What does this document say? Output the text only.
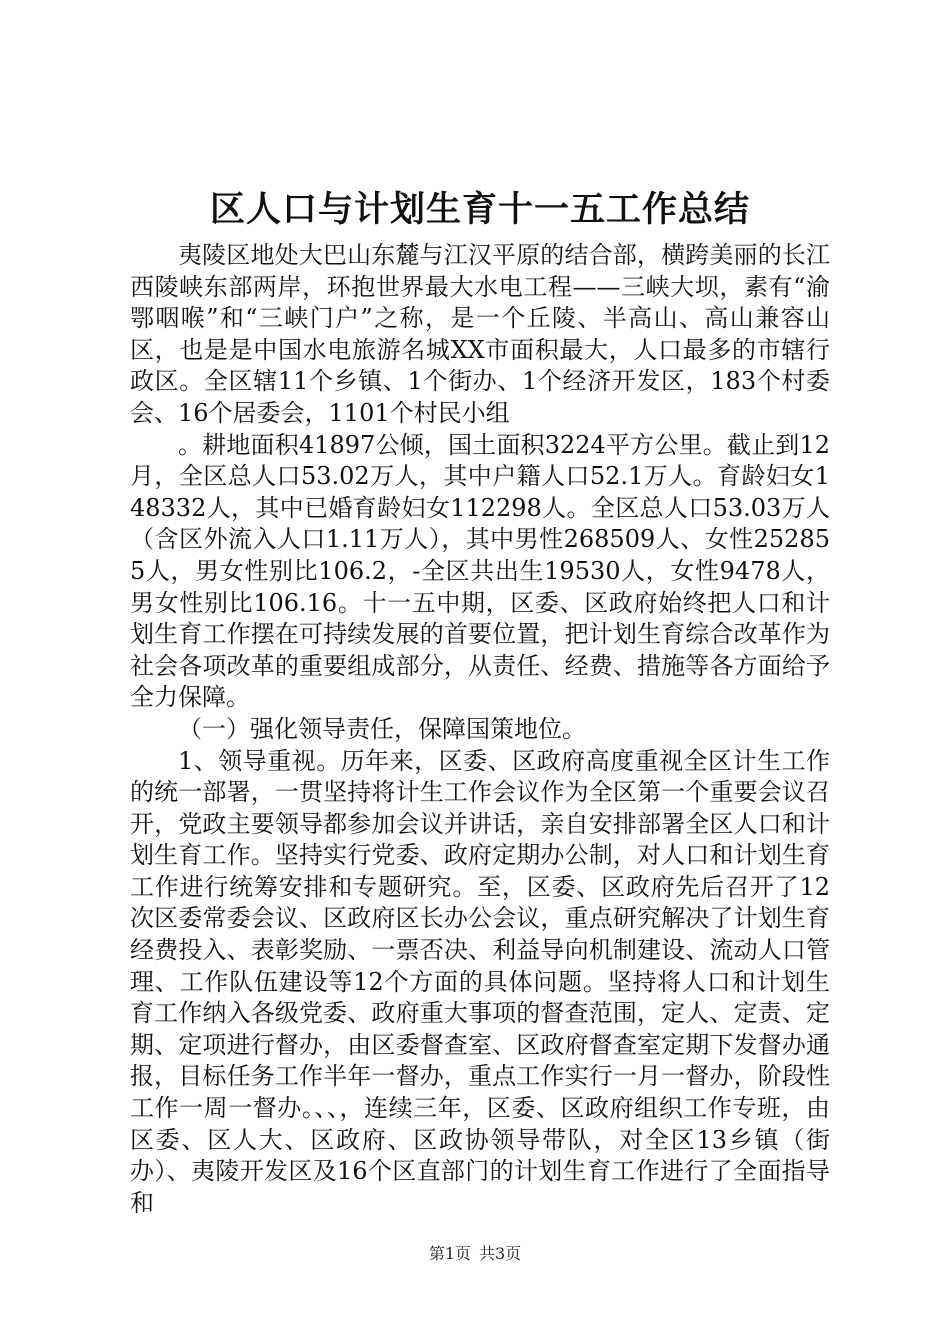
区人口与计划生育十一五工作总结

夷陵区地处大巴山东麓与江汉平原的结合部，横跨美丽的长江西陵峡东部两岸，环抱世界最大水电工程——三峡大坝，素有“渝鄂咽喉”和“三峡门户”之称，是一个丘陵、半高山、高山兼容山区，也是是中国水电旅游名城XX市面积最大，人口最多的市辖行政区。全区辖11个乡镇、1个街办、1个经济开发区，183个村委会、16个居委会，1101个村民小组

。耕地面积41897公倾，国土面积3224平方公里。截止到12月，全区总人口53.02万人，其中户籍人口52.1万人。育龄妇女148332人，其中已婚育龄妇女112298人。全区总人口53.03万人（含区外流入人口1.11万人），其中男性268509人、女性252855人，男女性别比106.2，-全区共出生19530人，女性9478人，男女性别比106.16。十一五中期，区委、区政府始终把人口和计划生育工作摆在可持续发展的首要位置，把计划生育综合改革作为社会各项改革的重要组成部分，从责任、经费、措施等各方面给予全力保障。

（一）强化领导责任，保障国策地位。

1、领导重视。历年来，区委、区政府高度重视全区计生工作的统一部署，一贯坚持将计生工作会议作为全区第一个重要会议召开，党政主要领导都参加会议并讲话，亲自安排部署全区人口和计划生育工作。坚持实行党委、政府定期办公制，对人口和计划生育工作进行统筹安排和专题研究。至，区委、区政府先后召开了12次区委常委会议、区政府区长办公会议，重点研究解决了计划生育经费投入、表彰奖励、一票否决、利益导向机制建设、流动人口管理、工作队伍建设等12个方面的具体问题。坚持将人口和计划生育工作纳入各级党委、政府重大事项的督查范围，定人、定责、定期、定项进行督办，由区委督查室、区政府督查室定期下发督办通报，目标任务工作半年一督办，重点工作实行一月一督办，阶段性工作一周一督办。、、，连续三年，区委、区政府组织工作专班，由区委、区人大、区政府、区政协领导带队，对全区13乡镇（街办）、夷陵开发区及16个区直部门的计划生育工作进行了全面指导和

第1页 共3页
